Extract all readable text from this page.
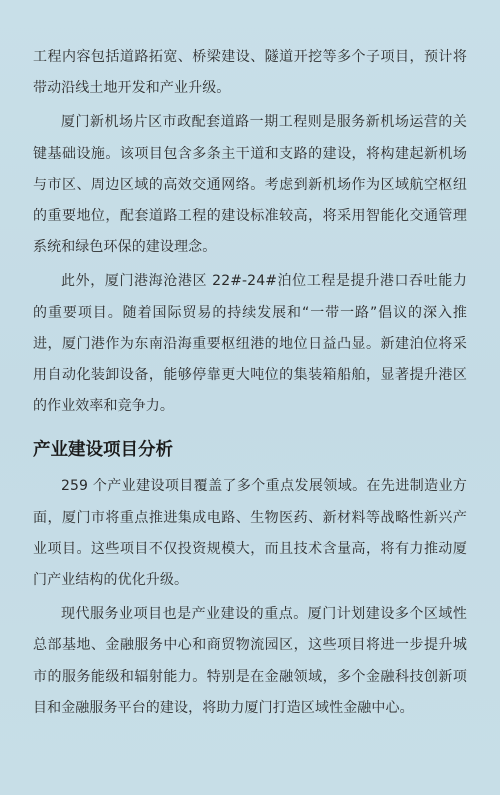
工程内容包括道路拓宽、桥梁建设、隧道开挖等多个子项目，预计将带动沿线土地开发和产业升级。

厦门新机场片区市政配套道路一期工程则是服务新机场运营的关键基础设施。该项目包含多条主干道和支路的建设，将构建起新机场与市区、周边区域的高效交通网络。考虑到新机场作为区域航空枢纽的重要地位，配套道路工程的建设标准较高，将采用智能化交通管理系统和绿色环保的建设理念。

此外，厦门港海沧港区 22#-24#泊位工程是提升港口吞吐能力的重要项目。随着国际贸易的持续发展和“一带一路”倡议的深入推进，厦门港作为东南沿海重要枢纽港的地位日益凸显。新建泊位将采用自动化装卸设备，能够停靠更大吨位的集装箱船舶，显著提升港区的作业效率和竞争力。

产业建设项目分析

259 个产业建设项目覆盖了多个重点发展领域。在先进制造业方面，厦门市将重点推进集成电路、生物医药、新材料等战略性新兴产业项目。这些项目不仅投资规模大，而且技术含量高，将有力推动厦门产业结构的优化升级。

现代服务业项目也是产业建设的重点。厦门计划建设多个区域性总部基地、金融服务中心和商贸物流园区，这些项目将进一步提升城市的服务能级和辐射能力。特别是在金融领域，多个金融科技创新项目和金融服务平台的建设，将助力厦门打造区域性金融中心。
